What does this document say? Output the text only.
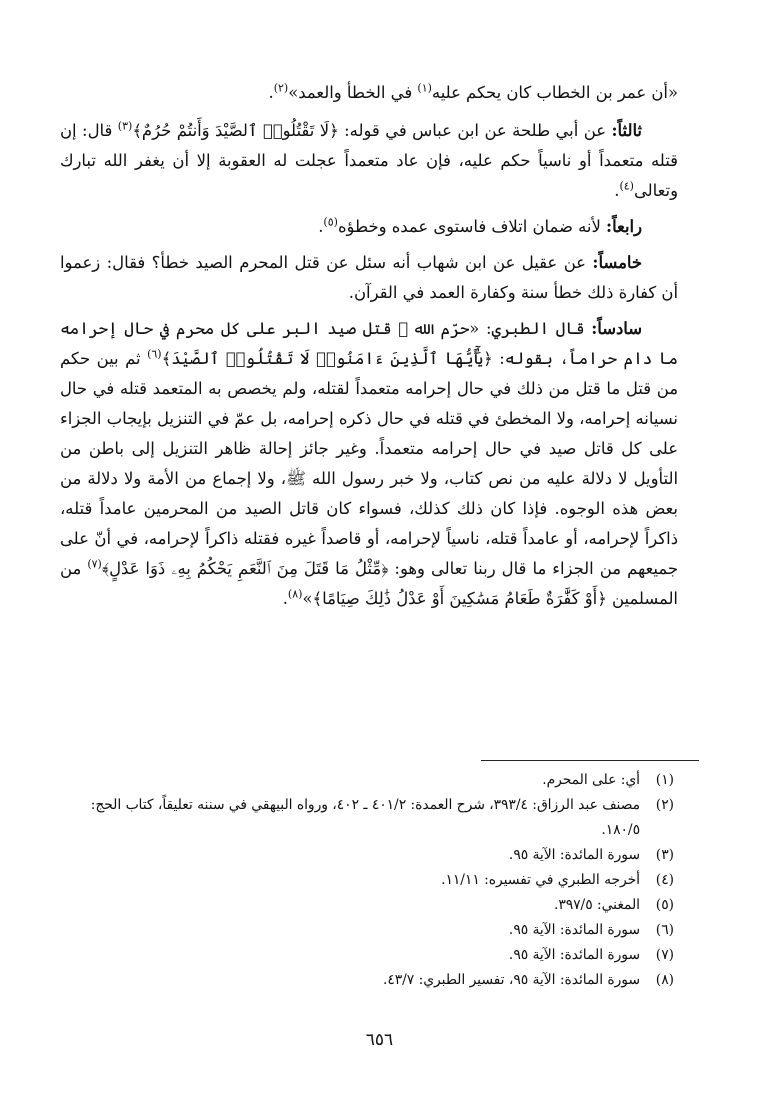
«أن عمر بن الخطاب كان يحكم عليه$^{(١)}$ في الخطأ والعمد»$^{(٢)}$.

ثالثاً: عن أبي طلحة عن ابن عباس في قوله: ﴿لَا تَقْتُلُوا۟ ٱلصَّيْدَ وَأَنتُمْ حُرُمٌ﴾$^{(٣)}$ قال: إن قتله متعمداً أو ناسياً حكم عليه، فإن عاد متعمداً عجلت له العقوبة إلا أن يغفر الله تبارك وتعالى$^{(٤)}$.

رابعاً: لأنه ضمان اتلاف فاستوى عمده وخطؤه$^{(٥)}$.

خامساً: عن عقيل عن ابن شهاب أنه سئل عن قتل المحرم الصيد خطأ؟ فقال: زعموا أن كفارة ذلك خطأ سنة وكفارة العمد في القرآن.

سادساً: قال الطبري: «حرّم الله ﷺ قتل صيد البر على كل محرم في حال إحرامه ما دام حراماً، بقوله: ﴿يَٰٓأَيُّهَا ٱلَّذِينَ ءَامَنُوا۟ لَا تَقْتُلُوا۟ ٱلصَّيْدَ﴾$^{(٦)}$ ثم بين حكم من قتل ما قتل من ذلك في حال إحرامه متعمداً لقتله، ولم يخصص به المتعمد قتله في حال نسيانه إحرامه، ولا المخطئ في قتله في حال ذكره إحرامه، بل عمّ في التنزيل بإيجاب الجزاء على كل قاتل صيد في حال إحرامه متعمداً. وغير جائز إحالة ظاهر التنزيل إلى باطن من التأويل لا دلالة عليه من نص كتاب، ولا خبر رسول الله ﷺ، ولا إجماع من الأمة ولا دلالة من بعض هذه الوجوه. فإذا كان ذلك كذلك، فسواء كان قاتل الصيد من المحرمين عامداً قتله، ذاكراً لإحرامه، أو عامداً قتله، ناسياً لإحرامه، أو قاصداً غيره فقتله ذاكراً لإحرامه، في أنّ على جميعهم من الجزاء ما قال ربنا تعالى وهو: ﴿مِّثْلُ مَا قَتَلَ مِنَ ٱلنَّعَمِ يَحْكُمُ بِهِۦ ذَوَا عَدْلٍ﴾$^{(٧)}$ من المسلمين ﴿أَوْ كَفَّٰرَةٌ طَعَامُ مَسَٰكِينَ أَوْ عَدْلُ ذَٰلِكَ صِيَامًا﴾»$^{(٨)}$.

(١)
أي: على المحرم.
(٢)
مصنف عبد الرزاق: ٣٩٣/٤، شرح العمدة: ٤٠١/٢ ـ ٤٠٢، ورواه البيهقي في سننه تعليقاً، كتاب الحج: ١٨٠/٥.
(٣)
سورة المائدة: الآية ٩٥.
(٤)
أخرجه الطبري في تفسيره: ١١/١١.
(٥)
المغني: ٣٩٧/٥.
(٦)
سورة المائدة: الآية ٩٥.
(٧)
سورة المائدة: الآية ٩٥.
(٨)
سورة المائدة: الآية ٩٥، تفسير الطبري: ٤٣/٧.
٦٥٦
